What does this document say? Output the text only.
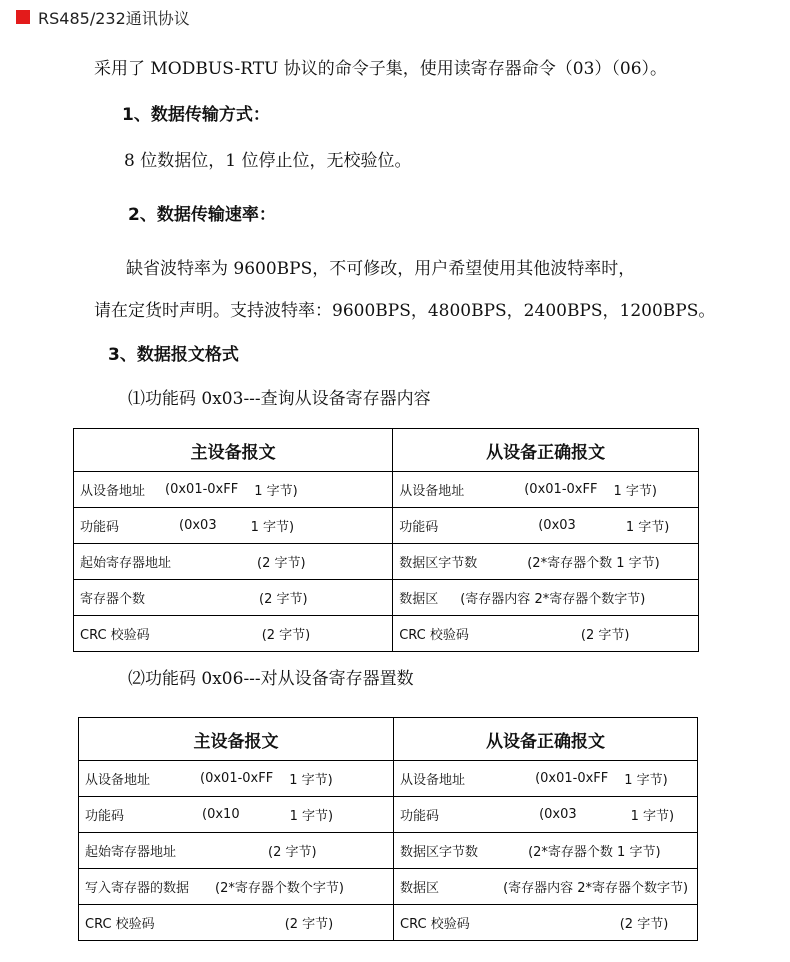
RS485/232通讯协议
采用了 MODBUS-RTU 协议的命令子集，使用读寄存器命令（03）（06）。
1、数据传输方式：
8 位数据位，1 位停止位，无校验位。
2、数据传输速率：
缺省波特率为 9600BPS，不可修改，用户希望使用其他波特率时，
请在定货时声明。支持波特率：9600BPS，4800BPS，2400BPS，1200BPS。
3、数据报文格式
⑴功能码 0x03---查询从设备寄存器内容
主设备报文	从设备正确报文

从设备地址 (0x01-0xFF 1 字节)	从设备地址 (0x01-0xFF 1 字节)

功能码 (0x03 1 字节)	功能码 (0x03 1 字节)

起始寄存器地址 (2 字节)	数据区字节数 (2*寄存器个数 1 字节)

寄存器个数 (2 字节)	数据区 (寄存器内容 2*寄存器个数字节)

CRC 校验码 (2 字节)	CRC 校验码 (2 字节)
⑵功能码 0x06---对从设备寄存器置数
主设备报文	从设备正确报文

从设备地址 (0x01-0xFF 1 字节)	从设备地址 (0x01-0xFF 1 字节)

功能码 (0x10 1 字节)	功能码 (0x03 1 字节)

起始寄存器地址 (2 字节)	数据区字节数 (2*寄存器个数 1 字节)

写入寄存器的数据 (2*寄存器个数个字节)	数据区 (寄存器内容 2*寄存器个数字节)

CRC 校验码 (2 字节)	CRC 校验码 (2 字节)
